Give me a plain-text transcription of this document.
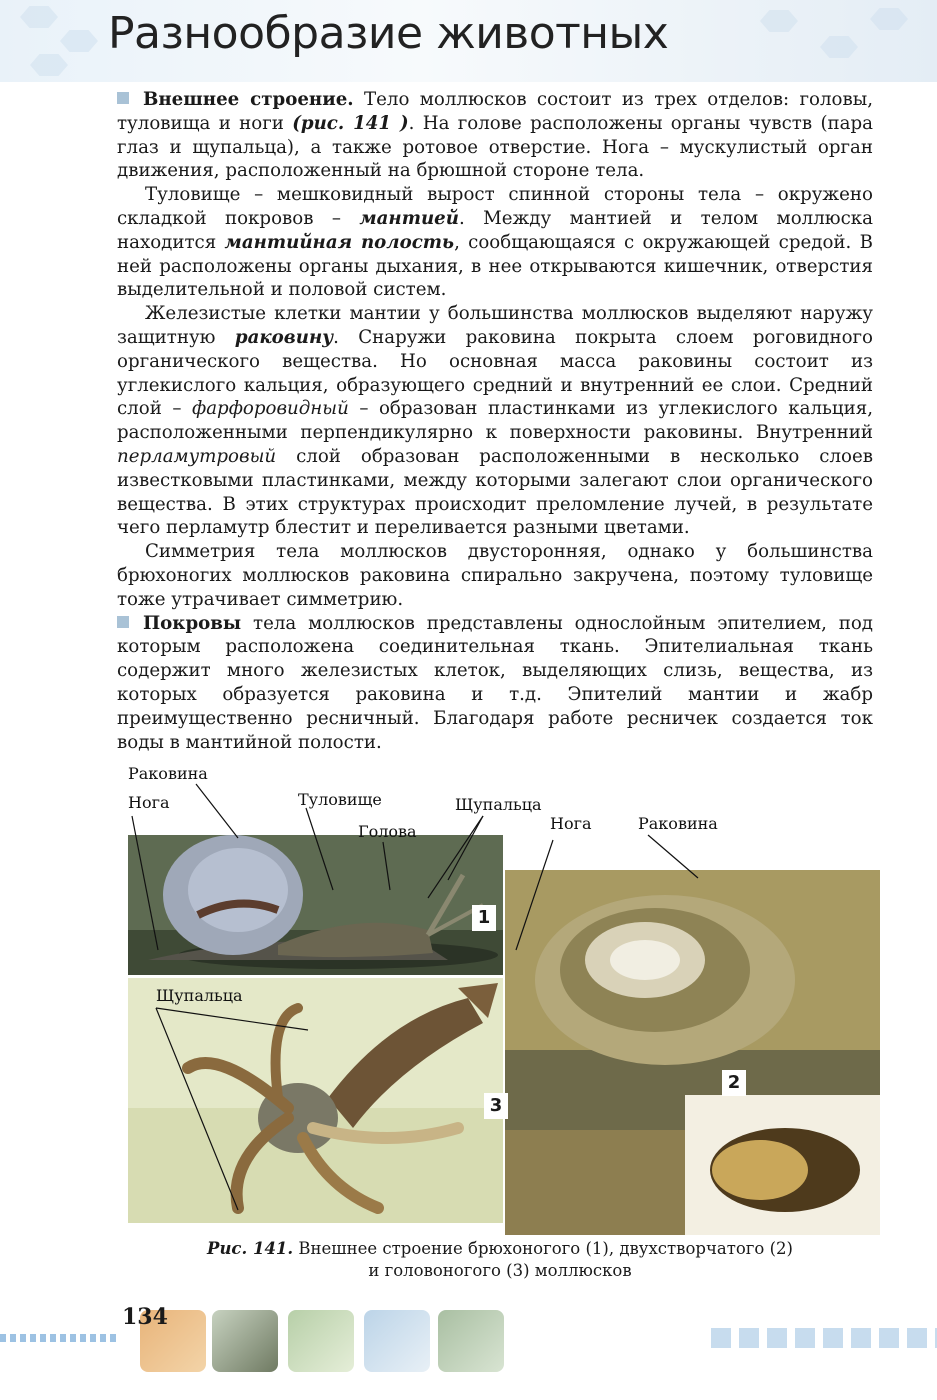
Разнообразие животных

Внешнее строение. Тело моллюсков состоит из трех отделов: головы, туловища и ноги (рис. 141 ). На голове расположены органы чувств (пара глаз и щупальца), а также ротовое отверстие. Нога – мускулистый орган движения, расположенный на брюшной стороне тела.

Туловище – мешковидный вырост спинной стороны тела – окружено складкой покровов – мантией. Между мантией и телом моллюска находится мантийная полость, сообщающаяся с окружающей средой. В ней расположены органы дыхания, в нее открываются кишечник, отверстия выделительной и половой систем.

Железистые клетки мантии у большинства моллюсков выделяют наружу защитную раковину. Снаружи раковина покрыта слоем роговидного органического вещества. Но основная масса раковины состоит из углекислого кальция, образующего средний и внутренний ее слои. Средний слой – фарфоровидный – образован пластинками из углекислого кальция, расположенными перпендикулярно к поверхности раковины. Внутренний перламутровый слой образован расположенными в несколько слоев известковыми пластинками, между которыми залегают слои органического вещества. В этих структурах происходит преломление лучей, в результате чего перламутр блестит и переливается разными цветами.

Симметрия тела моллюсков двусторонняя, однако у большинства брюхоногих моллюсков раковина спирально закручена, поэтому туловище тоже утрачивает симметрию.

Покровы тела моллюсков представлены однослойным эпителием, под которым расположена соединительная ткань. Эпителиальная ткань содержит много железистых клеток, выделяющих слизь, вещества, из которых образуется раковина и т.д. Эпителий мантии и жабр преимущественно ресничный. Благодаря работе ресничек создается ток воды в мантийной полости.

1
2
3
Раковина
Нога	Туловище
Голова
Щупальца
Нога	Раковина
Щупальца
Рис. 141. Внешнее строение брюхоногого (1), двухстворчатого (2)
и головоногого (3) моллюсков
134
